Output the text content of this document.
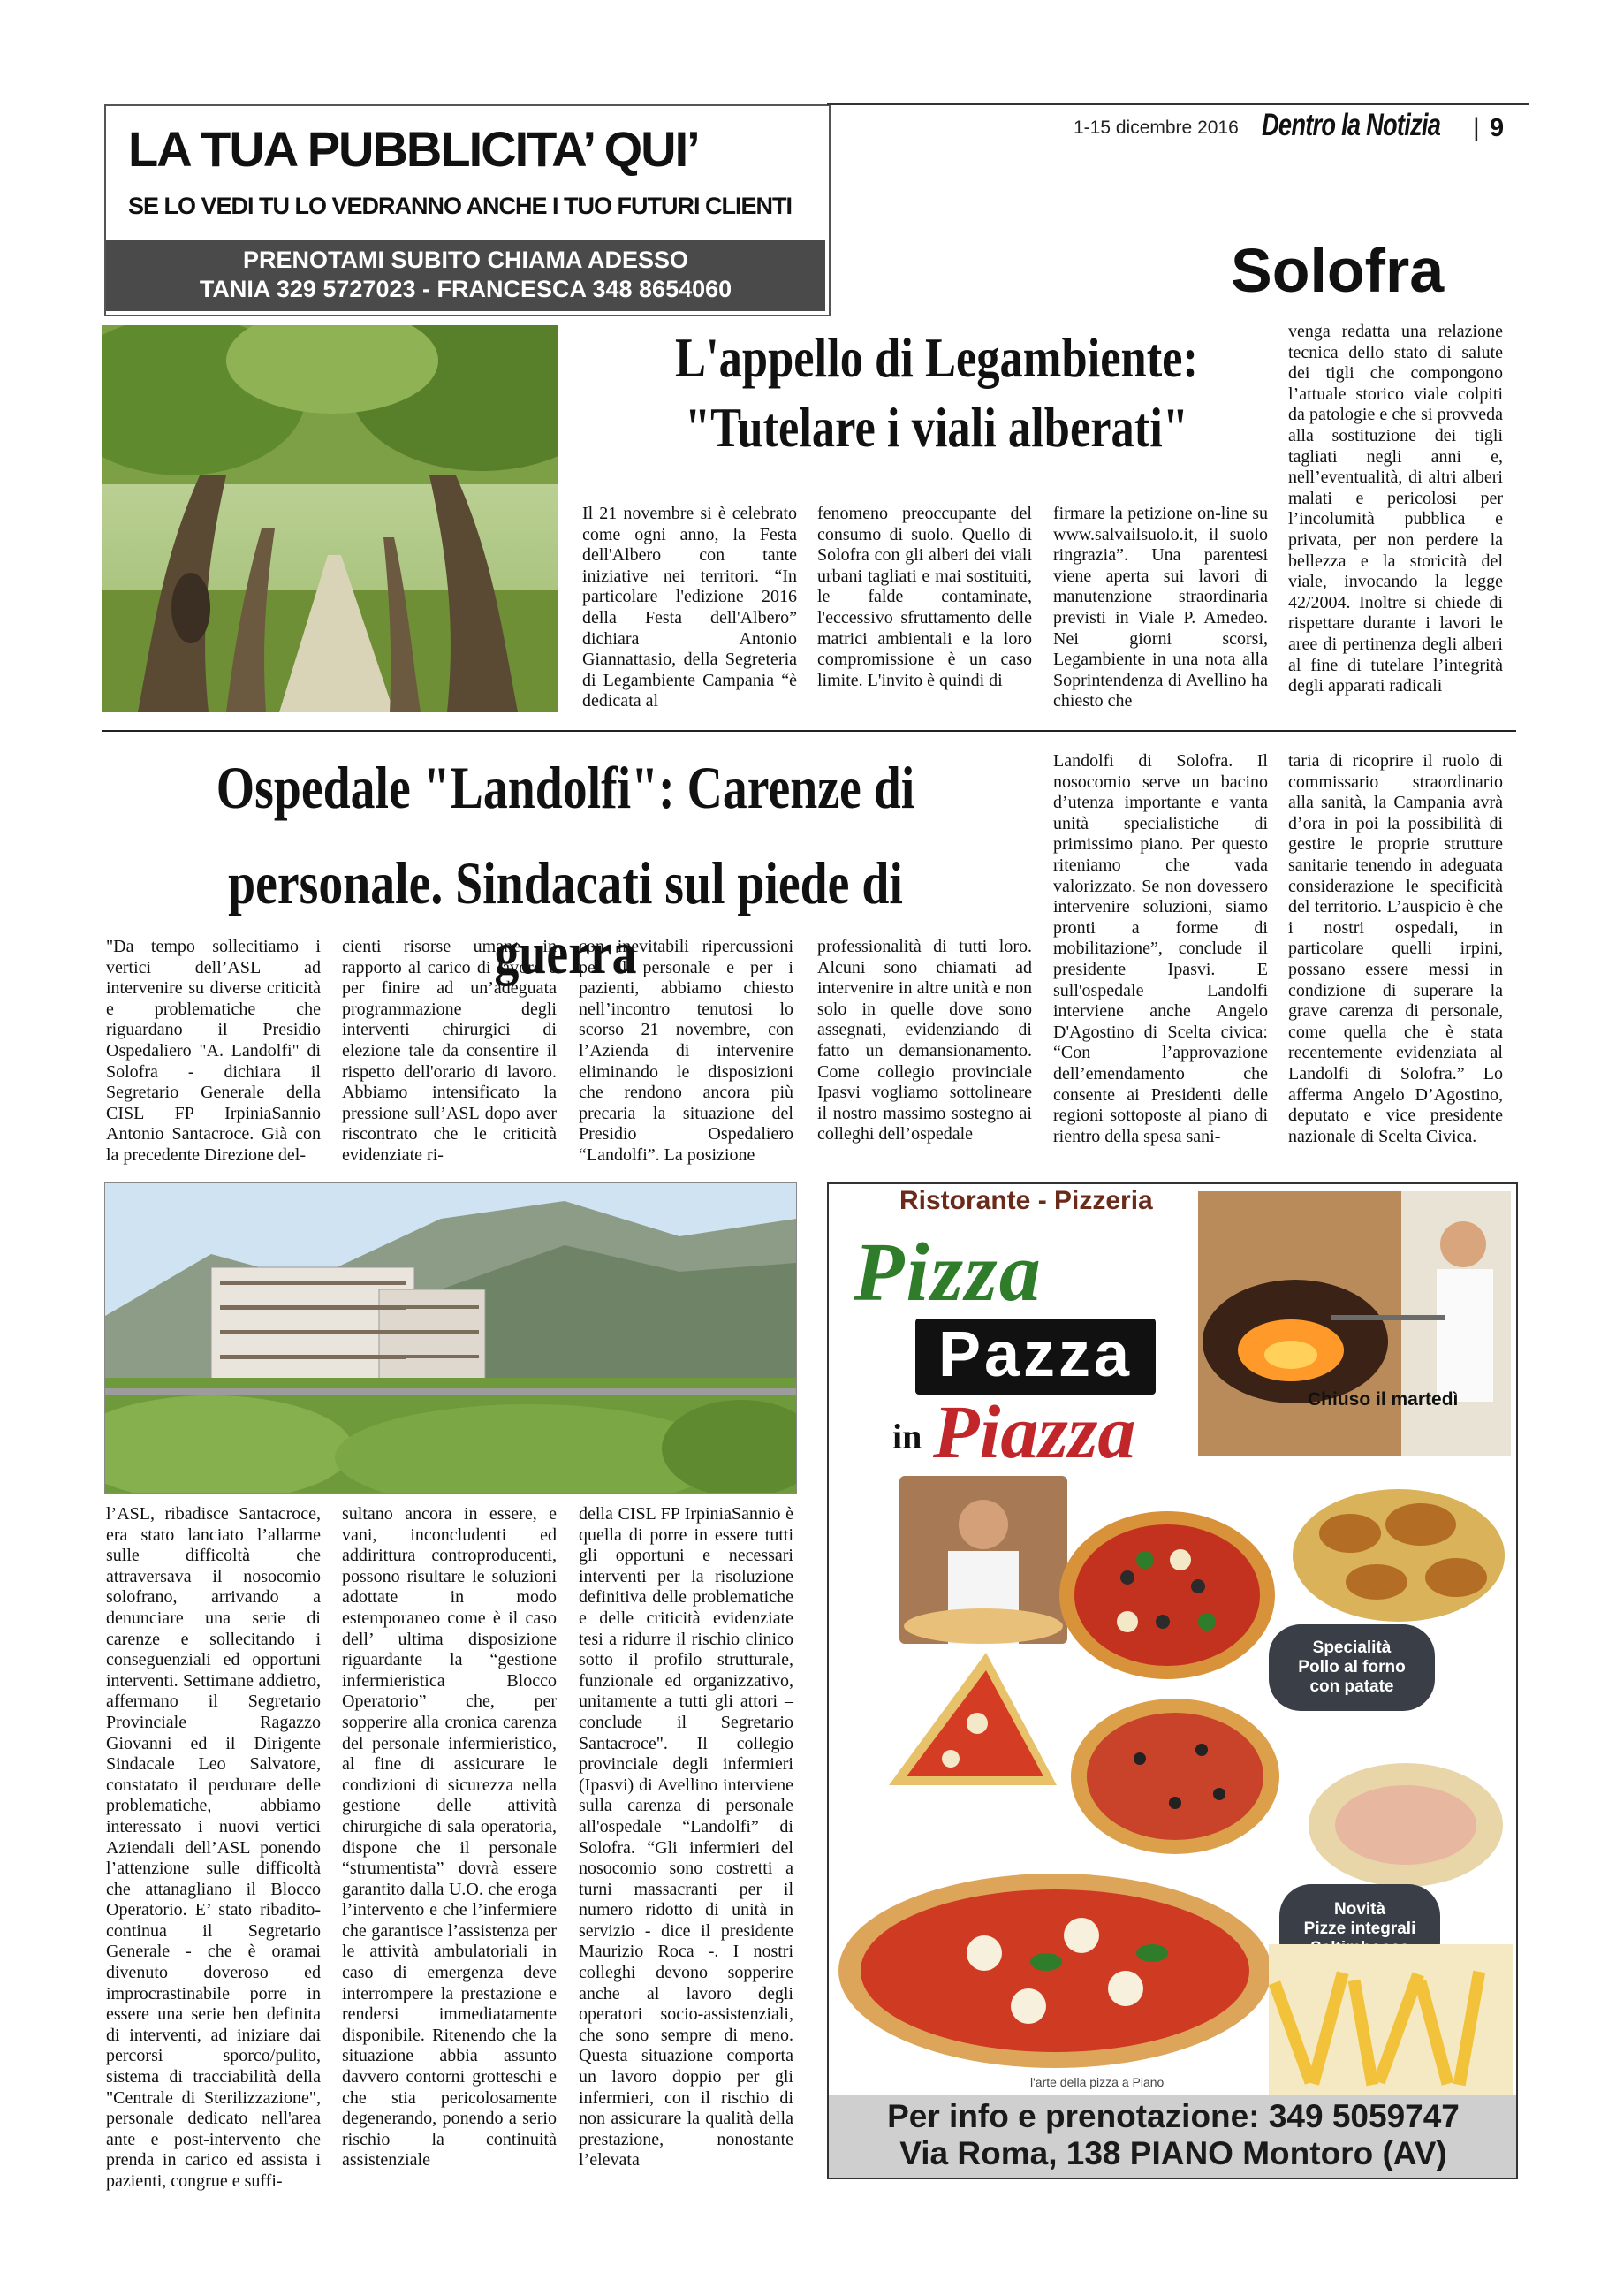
LA TUA PUBBLICITA’ QUI’
SE LO VEDI TU LO VEDRANNO ANCHE I TUO FUTURI CLIENTI
PRENOTAMI SUBITO CHIAMA ADESSO
TANIA 329 5727023 - FRANCESCA 348 8654060
1-15 dicembre 2016 Dentro la Notizia | 9
Solofra
L'appello di Legambiente:
"Tutelare i viali alberati"
Il 21 novembre si è celebrato come ogni anno, la Festa dell'Albero con tante iniziative nei territori. “In particolare l'edizione 2016 della Festa dell'Albero” dichiara Antonio Giannattasio, della Segreteria di Legambiente Campania “è dedicata al
fenomeno preoccupante del consumo di suolo. Quello di Solofra con gli alberi dei viali urbani tagliati e mai sostituiti, le falde contaminate, l'eccessivo sfruttamento delle matrici ambientali e la loro compromissione è un caso limite. L'invito è quindi di
firmare la petizione on-line su www.salvailsuolo.it, il suolo ringrazia”. Una parentesi viene aperta sui lavori di manutenzione straordinaria previsti in Viale P. Amedeo. Nei giorni scorsi, Legambiente in una nota alla Soprintendenza di Avellino ha chiesto che
venga redatta una relazione tecnica dello stato di salute dei tigli che compongono l’attuale storico viale colpiti da patologie e che si provveda alla sostituzione dei tigli tagliati negli anni e, nell’eventualità, di altri alberi malati e pericolosi per l’incolumità pubblica e privata, per non perdere la bellezza e la storicità del viale, invocando la legge 42/2004. Inoltre si chiede di rispettare durante i lavori le aree di pertinenza degli alberi al fine di tutelare l’integrità degli apparati radicali
Ospedale "Landolfi": Carenze di
personale. Sindacati sul piede di guerra
"Da tempo sollecitiamo i vertici dell’ASL ad intervenire su diverse criticità e problematiche che riguardano il Presidio Ospedaliero "A. Landolfi" di Solofra - dichiara il Segretario Generale della CISL FP IrpiniaSannio Antonio Santacroce. Già con la precedente Direzione del-
cienti risorse umane in rapporto al carico di lavoro e per finire ad un’adeguata programmazione degli interventi chirurgici di elezione tale da consentire il rispetto dell'orario di lavoro. Abbiamo intensificato la pressione sull’ASL dopo aver riscontrato che le criticità evidenziate ri-
con inevitabili ripercussioni per il personale e per i pazienti, abbiamo chiesto nell’incontro tenutosi lo scorso 21 novembre, con l’Azienda di intervenire eliminando le disposizioni che rendono ancora più precaria la situazione del Presidio Ospedaliero “Landolfi”. La posizione
professionalità di tutti loro. Alcuni sono chiamati ad intervenire in altre unità e non solo in quelle dove sono assegnati, evidenziando di fatto un demansionamento. Come collegio provinciale Ipasvi vogliamo sottolineare il nostro massimo sostegno ai colleghi dell’ospedale
Landolfi di Solofra. Il nosocomio serve un bacino d’utenza importante e vanta unità specialistiche di primissimo piano. Per questo riteniamo che vada valorizzato. Se non dovessero intervenire soluzioni, siamo pronti a forme di mobilitazione”, conclude il presidente Ipasvi. E sull'ospedale Landolfi interviene anche Angelo D'Agostino di Scelta civica: “Con l’approvazione dell’emendamento che consente ai Presidenti delle regioni sottoposte al piano di rientro della spesa sani-
taria di ricoprire il ruolo di commissario straordinario alla sanità, la Campania avrà d’ora in poi la possibilità di gestire le proprie strutture sanitarie tenendo in adeguata considerazione le specificità del territorio. L’auspicio è che i nostri ospedali, in particolare quelli irpini, possano essere messi in condizione di superare la grave carenza di personale, come quella che è stata recentemente evidenziata al Landolfi di Solofra.” Lo afferma Angelo D’Agostino, deputato e vice presidente nazionale di Scelta Civica.
l’ASL, ribadisce Santacroce, era stato lanciato l’allarme sulle difficoltà che attraversava il nosocomio solofrano, arrivando a denunciare una serie di carenze e sollecitando i conseguenziali ed opportuni interventi. Settimane addietro, affermano il Segretario Provinciale Ragazzo Giovanni ed il Dirigente Sindacale Leo Salvatore, constatato il perdurare delle problematiche, abbiamo interessato i nuovi vertici Aziendali dell’ASL ponendo l’attenzione sulle difficoltà che attanagliano il Blocco Operatorio. E’ stato ribadito- continua il Segretario Generale - che è oramai divenuto doveroso ed improcrastinabile porre in essere una serie ben definita di interventi, ad iniziare dai percorsi sporco/pulito, sistema di tracciabilità della "Centrale di Sterilizzazione", personale dedicato nell'area ante e post-intervento che prenda in carico ed assista i pazienti, congrue e suffi-
sultano ancora in essere, e vani, inconcludenti ed addirittura controproducenti, possono risultare le soluzioni adottate in modo estemporaneo come è il caso dell’ ultima disposizione riguardante la “gestione infermieristica Blocco Operatorio” che, per sopperire alla cronica carenza del personale infermieristico, al fine di assicurare le condizioni di sicurezza nella gestione delle attività chirurgiche di sala operatoria, dispone che il personale “strumentista” dovrà essere garantito dalla U.O. che eroga l’intervento e che l’infermiere che garantisce l’assistenza per le attività ambulatoriali in caso di emergenza deve interrompere la prestazione e rendersi immediatamente disponibile. Ritenendo che la situazione abbia assunto davvero contorni grotteschi e che stia pericolosamente degenerando, ponendo a serio rischio la continuità assistenziale
della CISL FP IrpiniaSannio è quella di porre in essere tutti gli opportuni e necessari interventi per la risoluzione definitiva delle problematiche e delle criticità evidenziate tesi a ridurre il rischio clinico sotto il profilo strutturale, funzionale ed organizzativo, unitamente a tutti gli attori – conclude il Segretario Santacroce". Il collegio provinciale degli infermieri (Ipasvi) di Avellino interviene sulla carenza di personale all'ospedale “Landolfi” di Solofra. “Gli infermieri del nosocomio sono costretti a turni massacranti per il numero ridotto di unità in servizio - dice il presidente Maurizio Roca -. I nostri colleghi devono sopperire anche al lavoro degli operatori socio-assistenziali, che sono sempre di meno. Questa situazione comporta un lavoro doppio per gli infermieri, con il rischio di non assicurare la qualità della prestazione, nonostante l’elevata
Ristorante - Pizzeria
Pizza
Pazza
in Piazza	Chiuso il martedì
Specialità
Pollo al forno
con patate
Novità
Pizze integrali
l'arte della pizza a Piano
Per info e prenotazione: 349 5059747
Via Roma, 138 PIANO Montoro (AV)
